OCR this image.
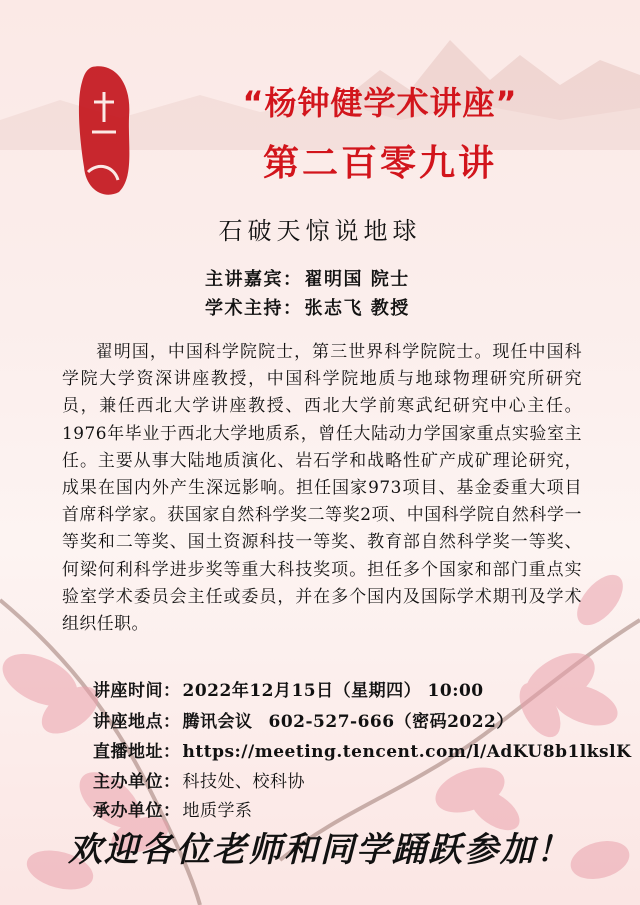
“杨钟健学术讲座”
第二百零九讲
石破天惊说地球
主讲嘉宾： 翟明国 院士
学术主持： 张志飞 教授
翟明国，中国科学院院士，第三世界科学院院士。现任中国科学院大学资深讲座教授，中国科学院地质与地球物理研究所研究员，兼任西北大学讲座教授、西北大学前寒武纪研究中心主任。1976年毕业于西北大学地质系，曾任大陆动力学国家重点实验室主任。主要从事大陆地质演化、岩石学和战略性矿产成矿理论研究，成果在国内外产生深远影响。担任国家973项目、基金委重大项目首席科学家。获国家自然科学奖二等奖2项、中国科学院自然科学一等奖和二等奖、国土资源科技一等奖、教育部自然科学奖一等奖、何梁何利科学进步奖等重大科技奖项。担任多个国家和部门重点实验室学术委员会主任或委员，并在多个国内及国际学术期刊及学术组织任职。
讲座时间： 2022年12月15日（星期四） 10:00
讲座地点： 腾讯会议 602-527-666（密码2022）
直播地址： https://meeting.tencent.com/l/AdKU8b1lkslK
主办单位： 科技处、校科协
承办单位： 地质学系
欢迎各位老师和同学踊跃参加！
